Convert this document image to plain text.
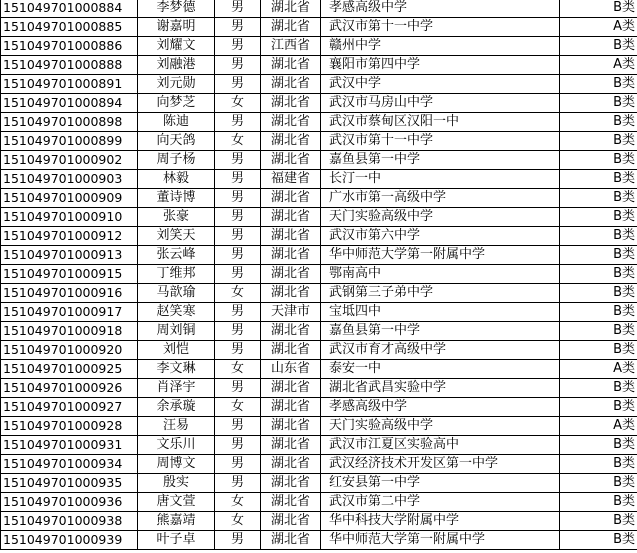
151049701000884	李梦德	男	湖北省	孝感高级中学	B类
151049701000885	谢嘉明	男	湖北省	武汉市第十一中学	A类
151049701000886	刘耀文	男	江西省	赣州中学	B类
151049701000888	刘融港	男	湖北省	襄阳市第四中学	A类
151049701000891	刘元勋	男	湖北省	武汉中学	B类
151049701000894	向梦芝	女	湖北省	武汉市马房山中学	B类
151049701000898	陈迪	男	湖北省	武汉市蔡甸区汉阳一中	B类
151049701000899	向天鸽	女	湖北省	武汉市第十一中学	B类
151049701000902	周子杨	男	湖北省	嘉鱼县第一中学	B类
151049701000903	林毅	男	福建省	长汀一中	B类
151049701000909	董诗博	男	湖北省	广水市第一高级中学	B类
151049701000910	张豪	男	湖北省	天门实验高级中学	B类
151049701000912	刘笑天	男	湖北省	武汉市第六中学	B类
151049701000913	张云峰	男	湖北省	华中师范大学第一附属中学	B类
151049701000915	丁维邦	男	湖北省	鄂南高中	B类
151049701000916	马歆瑜	女	湖北省	武钢第三子弟中学	B类
151049701000917	赵笑寒	男	天津市	宝坻四中	B类
151049701000918	周刘铜	男	湖北省	嘉鱼县第一中学	B类
151049701000920	刘恺	男	湖北省	武汉市育才高级中学	B类
151049701000925	李文琳	女	山东省	泰安一中	A类
151049701000926	肖泽宇	男	湖北省	湖北省武昌实验中学	B类
151049701000927	余承璇	女	湖北省	孝感高级中学	B类
151049701000928	汪易	男	湖北省	天门实验高级中学	A类
151049701000931	文乐川	男	湖北省	武汉市江夏区实验高中	B类
151049701000934	周博文	男	湖北省	武汉经济技术开发区第一中学	B类
151049701000935	殷实	男	湖北省	红安县第一中学	B类
151049701000936	唐文萱	女	湖北省	武汉市第二中学	B类
151049701000938	熊嘉靖	女	湖北省	华中科技大学附属中学	B类
151049701000939	叶子卓	男	湖北省	华中师范大学第一附属中学	B类
